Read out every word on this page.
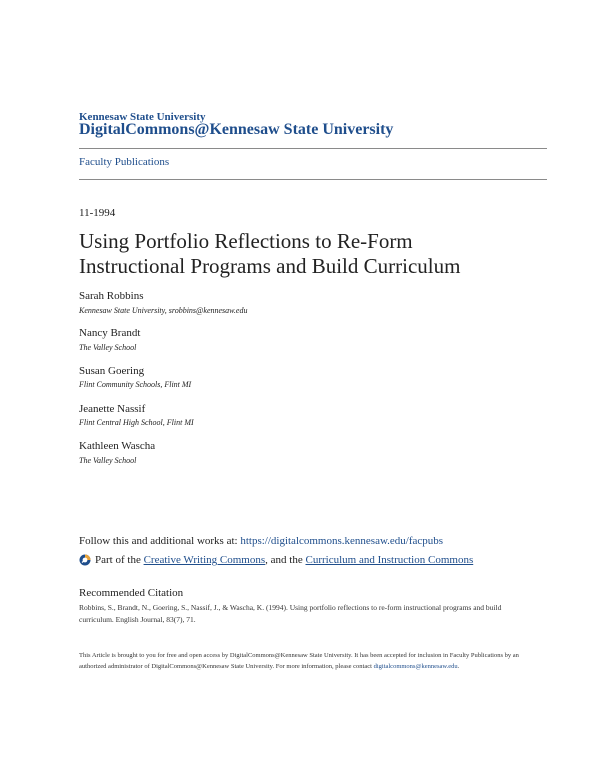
Kennesaw State University
DigitalCommons@Kennesaw State University
Faculty Publications
11-1994
Using Portfolio Reflections to Re-Form
Instructional Programs and Build Curriculum
Sarah Robbins
Kennesaw State University, srobbins@kennesaw.edu
Nancy Brandt
The Valley School
Susan Goering
Flint Community Schools, Flint MI
Jeanette Nassif
Flint Central High School, Flint MI
Kathleen Wascha
The Valley School
Follow this and additional works at: https://digitalcommons.kennesaw.edu/facpubs
Part of the
Creative Writing Commons , and the
Curriculum and Instruction Commons
Recommended Citation
Robbins, S., Brandt, N., Goering, S., Nassif, J., & Wascha, K. (1994). Using portfolio reflections to re-form instructional programs and build curriculum. English Journal, 83(7), 71.
This Article is brought to you for free and open access by DigitalCommons@Kennesaw State University. It has been accepted for inclusion in Faculty Publications by an authorized administrator of DigitalCommons@Kennesaw State University. For more information, please contact digitalcommons@kennesaw.edu.
